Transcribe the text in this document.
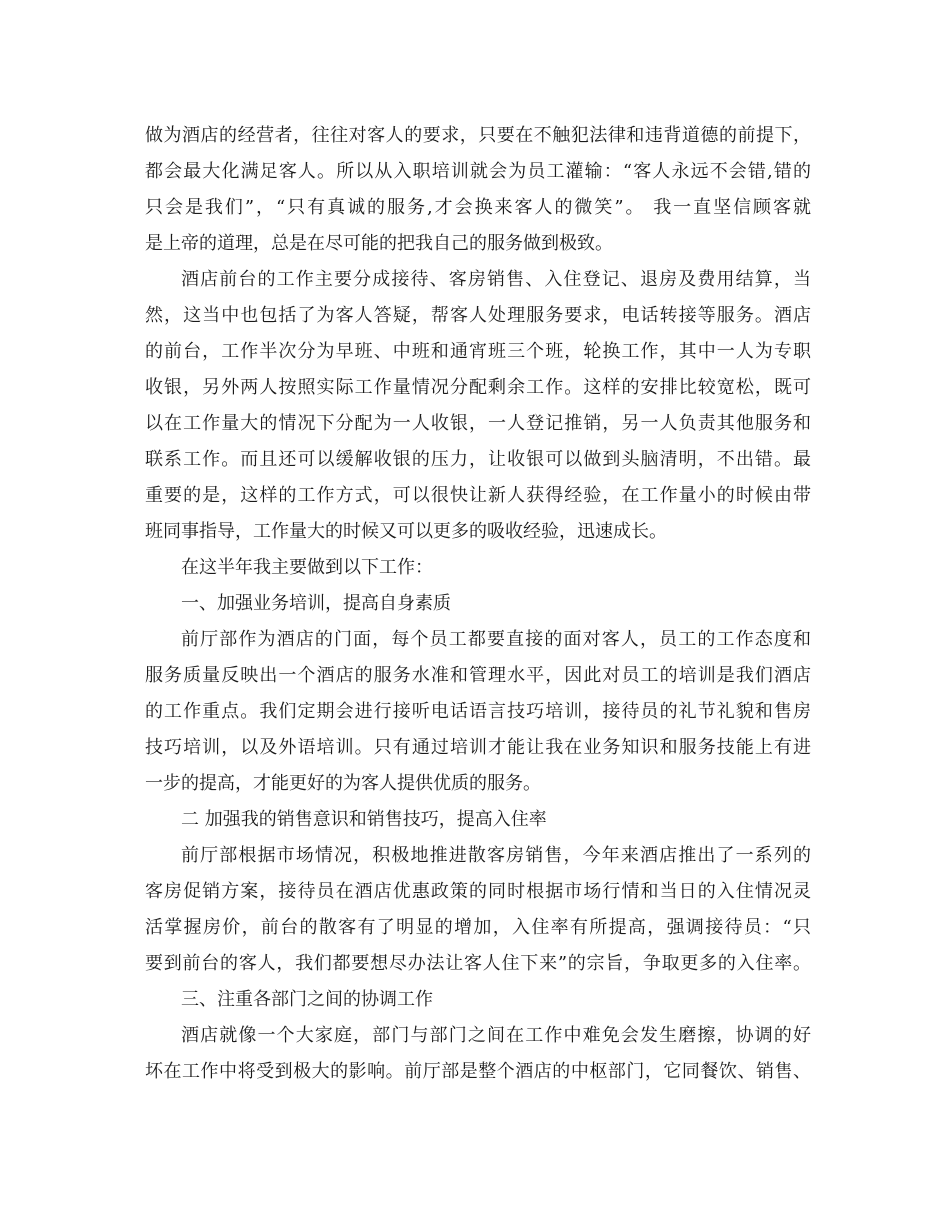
做为酒店的经营者，往往对客人的要求，只要在不触犯法律和违背道德的前提下，
都会最大化满足客人。所以从入职培训就会为员工灌输：“客人永远不会错,错的
只会是我们”，“只有真诚的服务,才会换来客人的微笑”。 我一直坚信顾客就
是上帝的道理，总是在尽可能的把我自己的服务做到极致。
酒店前台的工作主要分成接待、客房销售、入住登记、退房及费用结算，当
然，这当中也包括了为客人答疑，帮客人处理服务要求，电话转接等服务。酒店
的前台，工作半次分为早班、中班和通宵班三个班，轮换工作，其中一人为专职
收银，另外两人按照实际工作量情况分配剩余工作。这样的安排比较宽松，既可
以在工作量大的情况下分配为一人收银，一人登记推销，另一人负责其他服务和
联系工作。而且还可以缓解收银的压力，让收银可以做到头脑清明，不出错。最
重要的是，这样的工作方式，可以很快让新人获得经验，在工作量小的时候由带
班同事指导，工作量大的时候又可以更多的吸收经验，迅速成长。
在这半年我主要做到以下工作：
一、加强业务培训，提高自身素质
前厅部作为酒店的门面，每个员工都要直接的面对客人，员工的工作态度和
服务质量反映出一个酒店的服务水准和管理水平，因此对员工的培训是我们酒店
的工作重点。我们定期会进行接听电话语言技巧培训，接待员的礼节礼貌和售房
技巧培训，以及外语培训。只有通过培训才能让我在业务知识和服务技能上有进
一步的提高，才能更好的为客人提供优质的服务。
二 加强我的销售意识和销售技巧，提高入住率
前厅部根据市场情况，积极地推进散客房销售，今年来酒店推出了一系列的
客房促销方案，接待员在酒店优惠政策的同时根据市场行情和当日的入住情况灵
活掌握房价，前台的散客有了明显的增加，入住率有所提高，强调接待员：“只
要到前台的客人，我们都要想尽办法让客人住下来”的宗旨，争取更多的入住率。
三、注重各部门之间的协调工作
酒店就像一个大家庭，部门与部门之间在工作中难免会发生磨擦，协调的好
坏在工作中将受到极大的影响。前厅部是整个酒店的中枢部门，它同餐饮、销售、
